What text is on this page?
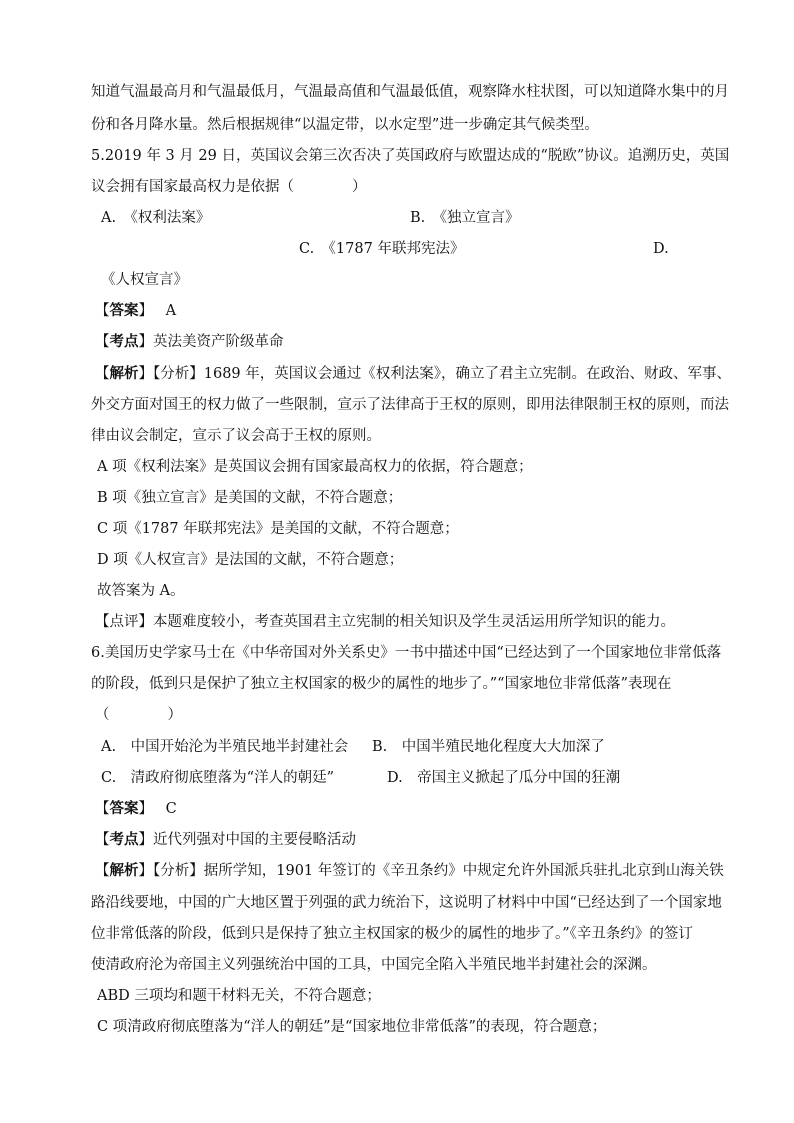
知道气温最高月和气温最低月，气温最高值和气温最低值，观察降水柱状图，可以知道降水集中的月
份和各月降水量。然后根据规律“以温定带，以水定型”进一步确定其气候类型。
5.2019 年 3 月 29 日，英国议会第三次否决了英国政府与欧盟达成的“脱欧”协议。追溯历史，英国
议会拥有国家最高权力是依据（　　　　）
A.　《权利法案》	B.　《独立宣言》
C.　《1787 年联邦宪法》	D.
《人权宣言》
【答案】 A
【考点】英法美资产阶级革命
【解析】【分析】1689 年，英国议会通过《权利法案》，确立了君主立宪制。在政治、财政、军事、
外交方面对国王的权力做了一些限制，宣示了法律高于王权的原则，即用法律限制王权的原则，而法
律由议会制定，宣示了议会高于王权的原则。
A 项《权利法案》是英国议会拥有国家最高权力的依据，符合题意；
B 项《独立宣言》是美国的文献，不符合题意；
C 项《1787 年联邦宪法》是美国的文献，不符合题意；
D 项《人权宣言》是法国的文献，不符合题意；
故答案为 A。
【点评】本题难度较小，考查英国君主立宪制的相关知识及学生灵活运用所学知识的能力。
6.美国历史学家马士在《中华帝国对外关系史》一书中描述中国“已经达到了一个国家地位非常低落
的阶段，低到只是保护了独立主权国家的极少的属性的地步了。”“国家地位非常低落”表现在
（　　　　）
A.　中国开始沦为半殖民地半封建社会 B.　中国半殖民地化程度大大加深了
C.　清政府彻底堕落为“洋人的朝廷”	D.　帝国主义掀起了瓜分中国的狂潮
【答案】 C
【考点】近代列强对中国的主要侵略活动
【解析】【分析】据所学知，1901 年签订的《辛丑条约》中规定允许外国派兵驻扎北京到山海关铁
路沿线要地，中国的广大地区置于列强的武力统治下，这说明了材料中中国“已经达到了一个国家地
位非常低落的阶段，低到只是保持了独立主权国家的极少的属性的地步了。”《辛丑条约》的签订
使清政府沦为帝国主义列强统治中国的工具，中国完全陷入半殖民地半封建社会的深渊。
ABD 三项均和题干材料无关，不符合题意；
C 项清政府彻底堕落为“洋人的朝廷”是“国家地位非常低落”的表现，符合题意；
